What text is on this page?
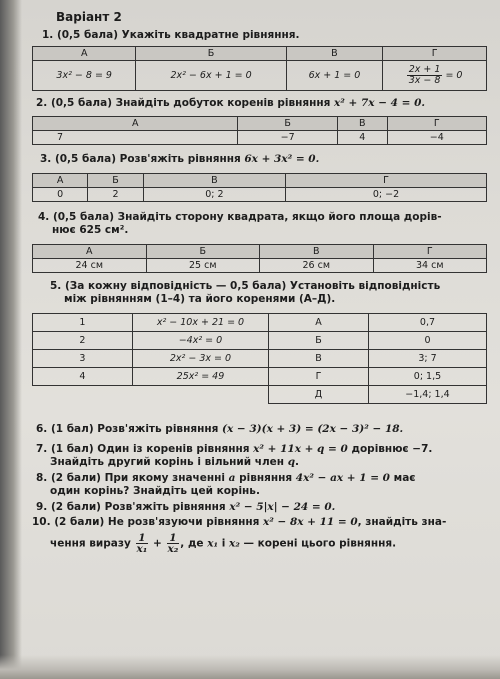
Варіант 2
1. (0,5 бала) Укажіть квадратне рівняння.
А	Б	В	Г
3x² − 8 = 9	2x² − 6x + 1 = 0	6x + 1 = 0	$\frac{2x + 1}{3x - 8} = 0$
2. (0,5 бала) Знайдіть добуток коренів рівняння x² + 7x − 4 = 0.
А	Б	В	Г
7	−7	4	−4
3. (0,5 бала) Розв'яжіть рівняння 6x + 3x² = 0.
А	Б	В	Г
0	2	0; 2	0; −2
4. (0,5 бала) Знайдіть сторону квадрата, якщо його площа дорів-
нює 625 см².
А	Б	В	Г
24 см	25 см	26 см	34 см
5. (За кожну відповідність — 0,5 бала) Установіть відповідність
між рівнянням (1–4) та його коренями (А–Д).
1	x² − 10x + 21 = 0	А	0,7
2	−4x² = 0	Б	0
3	2x² − 3x = 0	В	3; 7
4	25x² = 49	Г	0; 1,5
		Д	−1,4; 1,4
6. (1 бал) Розв'яжіть рівняння (x − 3)(x + 3) = (2x − 3)² − 18.
7. (1 бал) Один із коренів рівняння x² + 11x + q = 0 дорівнює −7.
Знайдіть другий корінь і вільний член q.
8. (2 бали) При якому значенні a рівняння 4x² − ax + 1 = 0 має
один корінь? Знайдіть цей корінь.
9. (2 бали) Розв'яжіть рівняння x² − 5|x| − 24 = 0.
10. (2 бали) Не розв'язуючи рівняння x² − 8x + 11 = 0, знайдіть зна-
чення виразу $\frac{1}{\text{x₁}} + \frac{1}{\text{x₂}}$ , де x₁ і x₂ — корені цього рівняння.
